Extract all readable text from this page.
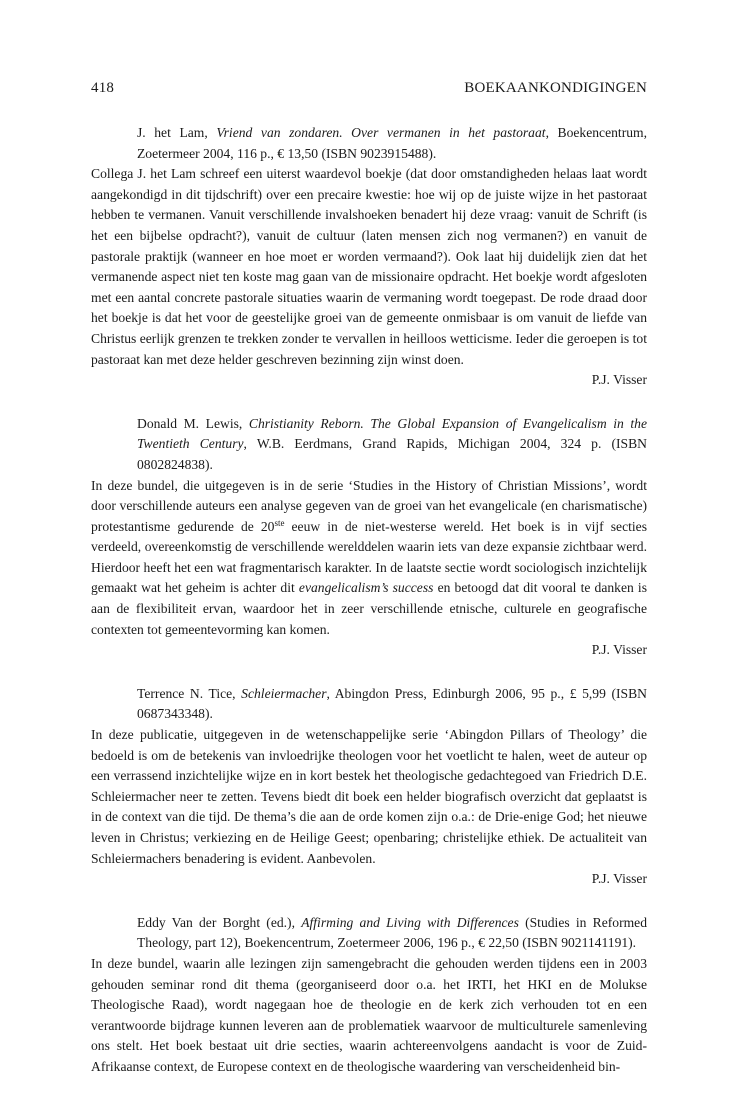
418	BOEKAANKONDIGINGEN
J. het Lam, Vriend van zondaren. Over vermanen in het pastoraat, Boekencentrum, Zoetermeer 2004, 116 p., € 13,50 (ISBN 9023915488).
Collega J. het Lam schreef een uiterst waardevol boekje (dat door omstandigheden helaas laat wordt aangekondigd in dit tijdschrift) over een precaire kwestie: hoe wij op de juiste wijze in het pastoraat hebben te vermanen. Vanuit verschillende invalshoeken benadert hij deze vraag: vanuit de Schrift (is het een bijbelse opdracht?), vanuit de cultuur (laten mensen zich nog vermanen?) en vanuit de pastorale praktijk (wanneer en hoe moet er worden vermaand?). Ook laat hij duidelijk zien dat het vermanende aspect niet ten koste mag gaan van de missionaire opdracht. Het boekje wordt afgesloten met een aantal concrete pastorale situaties waarin de vermaning wordt toegepast. De rode draad door het boekje is dat het voor de geestelijke groei van de gemeente onmisbaar is om vanuit de liefde van Christus eerlijk grenzen te trekken zonder te vervallen in heilloos wetticisme. Ieder die geroepen is tot pastoraat kan met deze helder geschreven bezinning zijn winst doen.
P.J. Visser
Donald M. Lewis, Christianity Reborn. The Global Expansion of Evangelicalism in the Twentieth Century, W.B. Eerdmans, Grand Rapids, Michigan 2004, 324 p. (ISBN 0802824838).
In deze bundel, die uitgegeven is in de serie ‘Studies in the History of Christian Missions’, wordt door verschillende auteurs een analyse gegeven van de groei van het evangelicale (en charismatische) protestantisme gedurende de 20ste eeuw in de niet-westerse wereld. Het boek is in vijf secties verdeeld, overeenkomstig de verschillende werelddelen waarin iets van deze expansie zichtbaar werd. Hierdoor heeft het een wat fragmentarisch karakter. In de laatste sectie wordt sociologisch inzichtelijk gemaakt wat het geheim is achter dit evangelicalism’s success en betoogd dat dit vooral te danken is aan de flexibiliteit ervan, waardoor het in zeer verschillende etnische, culturele en geografische contexten tot gemeentevorming kan komen.
P.J. Visser
Terrence N. Tice, Schleiermacher, Abingdon Press, Edinburgh 2006, 95 p., £ 5,99 (ISBN 0687343348).
In deze publicatie, uitgegeven in de wetenschappelijke serie ‘Abingdon Pillars of Theology’ die bedoeld is om de betekenis van invloedrijke theologen voor het voetlicht te halen, weet de auteur op een verrassend inzichtelijke wijze en in kort bestek het theologische gedachtegoed van Friedrich D.E. Schleiermacher neer te zetten. Tevens biedt dit boek een helder biografisch overzicht dat geplaatst is in de context van die tijd. De thema’s die aan de orde komen zijn o.a.: de Drie-enige God; het nieuwe leven in Christus; verkiezing en de Heilige Geest; openbaring; christelijke ethiek. De actualiteit van Schleiermachers benadering is evident. Aanbevolen.
P.J. Visser
Eddy Van der Borght (ed.), Affirming and Living with Differences (Studies in Reformed Theology, part 12), Boekencentrum, Zoetermeer 2006, 196 p., € 22,50 (ISBN 9021141191).
In deze bundel, waarin alle lezingen zijn samengebracht die gehouden werden tijdens een in 2003 gehouden seminar rond dit thema (georganiseerd door o.a. het IRTI, het HKI en de Molukse Theologische Raad), wordt nagegaan hoe de theologie en de kerk zich verhouden tot en een verantwoorde bijdrage kunnen leveren aan de problematiek waarvoor de multiculturele samenleving ons stelt. Het boek bestaat uit drie secties, waarin achtereenvolgens aandacht is voor de Zuid-Afrikaanse context, de Europese context en de theologische waardering van verscheidenheid bin-
